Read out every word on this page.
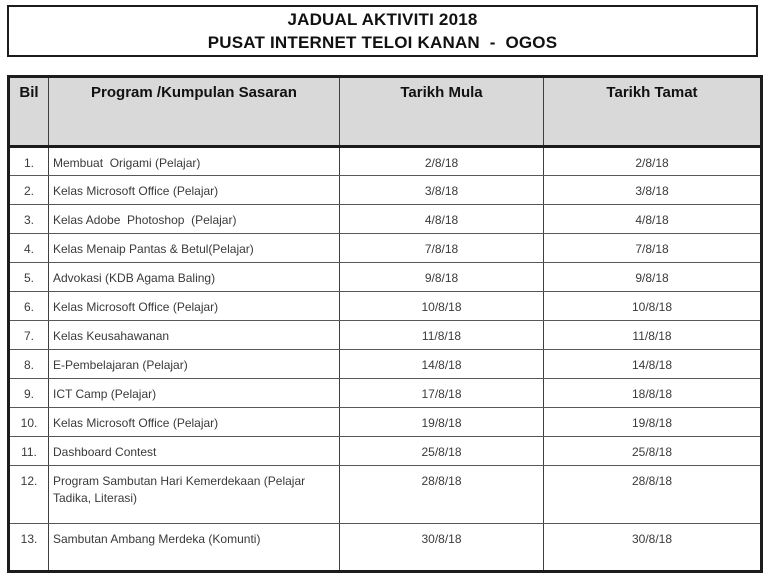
JADUAL AKTIVITI 2018
PUSAT INTERNET TELOI KANAN  -  OGOS
Bil	Program /Kumpulan Sasaran	Tarikh Mula	Tarikh Tamat
1.	Membuat  Origami (Pelajar)	2/8/18	2/8/18
2.	Kelas Microsoft Office (Pelajar)	3/8/18	3/8/18
3.	Kelas Adobe  Photoshop  (Pelajar)	4/8/18	4/8/18
4.	Kelas Menaip Pantas & Betul(Pelajar)	7/8/18	7/8/18
5.	Advokasi (KDB Agama Baling)	9/8/18	9/8/18
6.	Kelas Microsoft Office (Pelajar)	10/8/18	10/8/18
7.	Kelas Keusahawanan	11/8/18	11/8/18
8.	E-Pembelajaran (Pelajar)	14/8/18	14/8/18
9.	ICT Camp (Pelajar)	17/8/18	18/8/18
10.	Kelas Microsoft Office (Pelajar)	19/8/18	19/8/18
11.	Dashboard Contest	25/8/18	25/8/18
12.	Program Sambutan Hari Kemerdekaan (Pelajar Tadika, Literasi)	28/8/18	28/8/18
13.	Sambutan Ambang Merdeka (Komunti)	30/8/18	30/8/18
